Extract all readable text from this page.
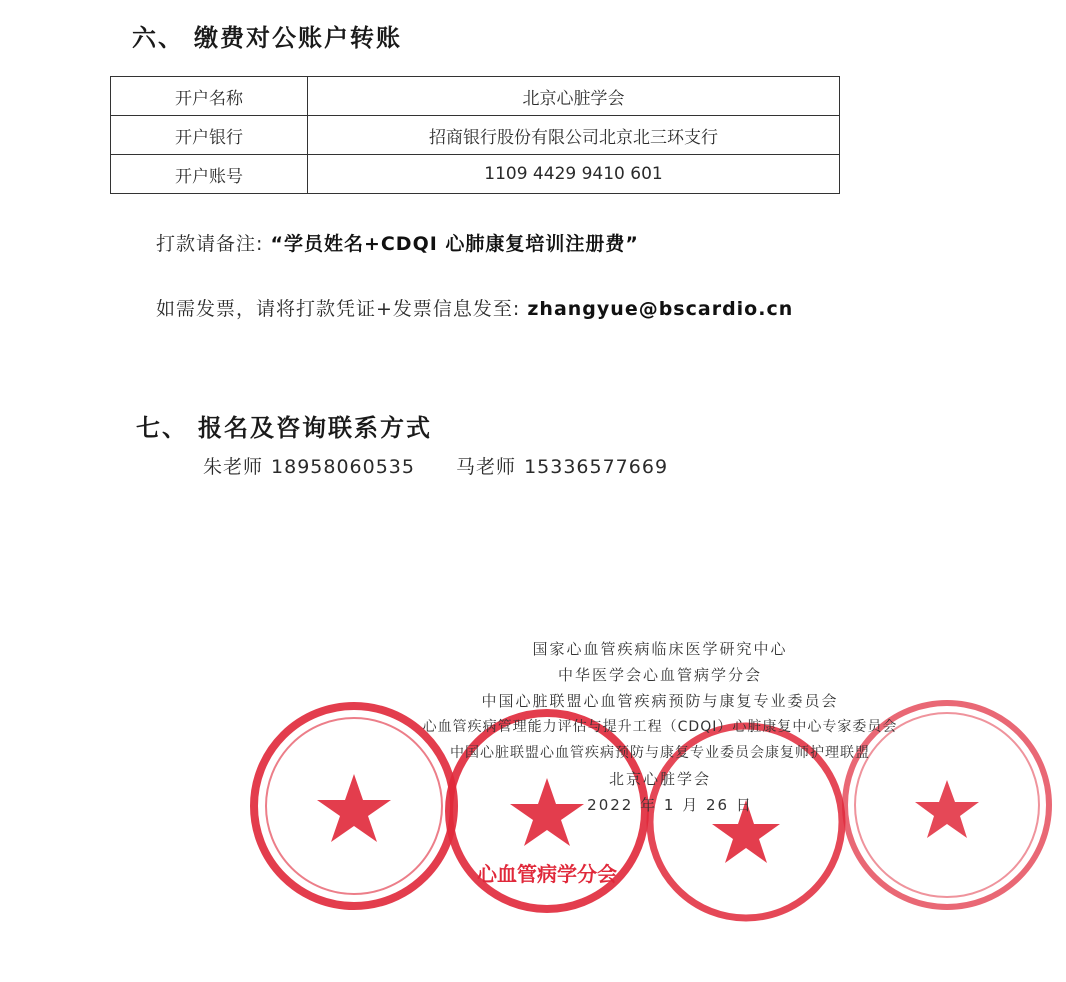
六、 缴费对公账户转账
开户名称	北京心脏学会
开户银行	招商银行股份有限公司北京北三环支行
开户账号	1109 4429 9410 601
打款请备注: “学员姓名+CDQI 心肺康复培训注册费”
如需发票，请将打款凭证+发票信息发至: zhangyue@bscardio.cn
七、 报名及咨询联系方式
朱老师 18958060535 马老师 15336577669
心血管病学分会
国家心血管疾病临床医学研究中心
中华医学会心血管病学分会
中国心脏联盟心血管疾病预防与康复专业委员会
心血管疾病管理能力评估与提升工程（CDQI）心脏康复中心专家委员会
中国心脏联盟心血管疾病预防与康复专业委员会康复师护理联盟
北京心脏学会
2022 年 1 月 26 日
